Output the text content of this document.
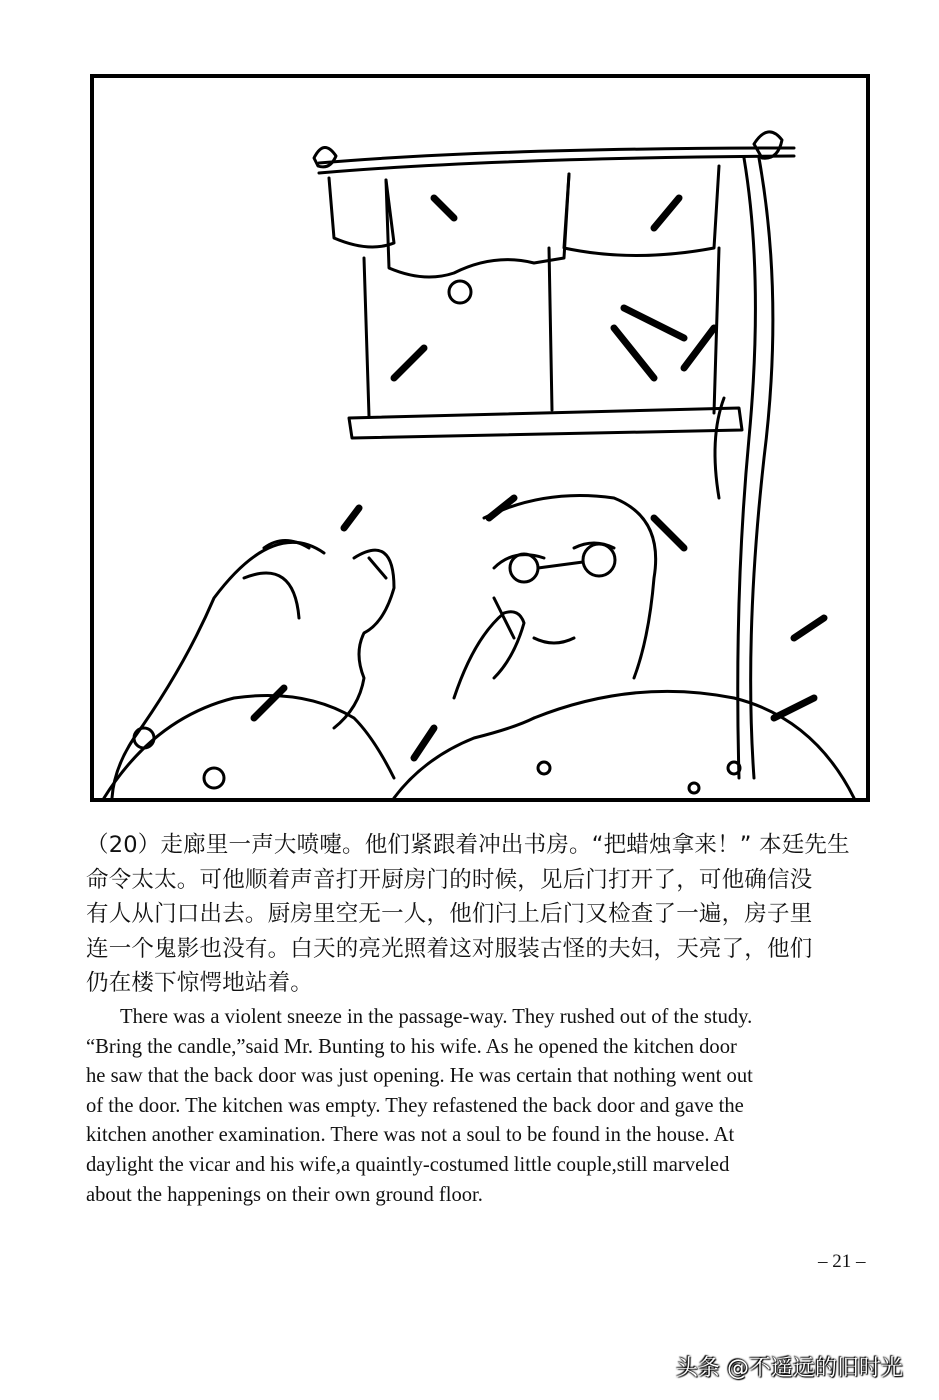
（20）走廊里一声大喷嚏。他们紧跟着冲出书房。“把蜡烛拿来！” 本廷先生
命令太太。可他顺着声音打开厨房门的时候，见后门打开了，可他确信没
有人从门口出去。厨房里空无一人，他们闩上后门又检查了一遍，房子里
连一个鬼影也没有。白天的亮光照着这对服装古怪的夫妇，天亮了，他们
仍在楼下惊愕地站着。
There was a violent sneeze in the passage-way. They rushed out of the study.
“Bring the candle,”said Mr. Bunting to his wife. As he opened the kitchen door
he saw that the back door was just opening. He was certain that nothing went out
of the door. The kitchen was empty. They refastened the back door and gave the
kitchen another examination. There was not a soul to be found in the house. At
daylight the vicar and his wife,a quaintly-costumed little couple,still marveled
about the happenings on their own ground floor.
– 21 –
头条 @不遥远的旧时光
